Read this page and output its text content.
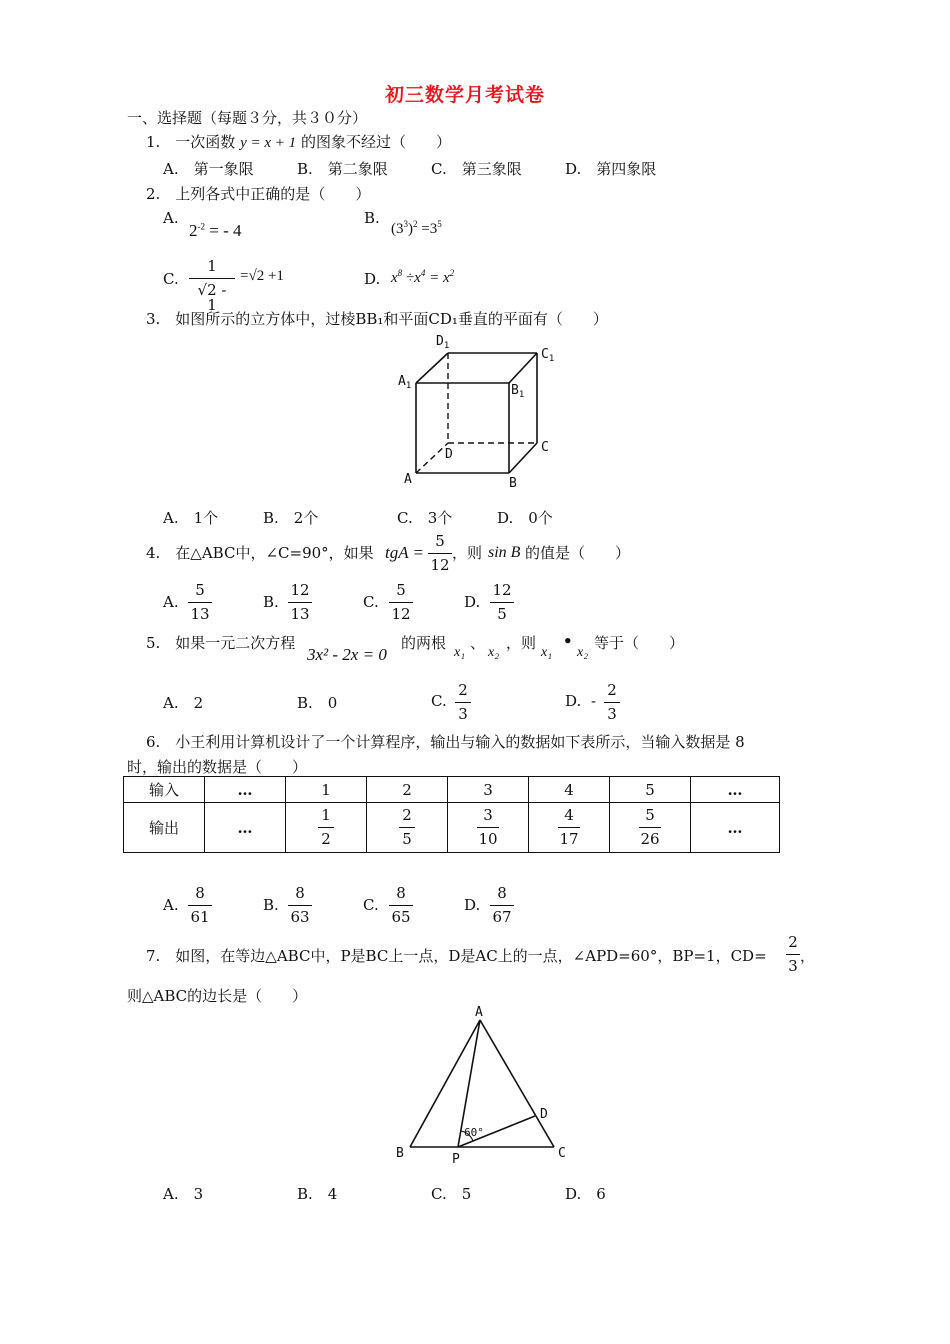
初三数学月考试卷
一、选择题（每题３分，共３０分）
1.　一次函数 y = x + 1 的图象不经过（　　）
A.　第一象限	B.　第二象限	C.　第三象限	D.　第四象限
2.　上列各式中正确的是（　　）
A.
$2^{-2}$ = - 4
B.
$(3^3)^2 =3^5$
C.
1
√2 - 1
=√2 +1	D. $x^8 \div x^4 = x^2$
3.　如图所示的立方体中，过棱BB₁和平面CD₁垂直的平面有（　　）
$D_1$
$C_1$
$A_1$	$B_1$
C
D
A	B
A.　1个	B.　2个	C.　3个	D.　0个
4.　在△ABC中，∠C=90°，如果 tgA =
5
12
，则 sin B 的值是（　　）
A.
5
13
B.
12
13
C.
5
12
D.
12
5
5.　如果一元二次方程
3x² - 2x = 0
的两根
x₁
、
x₂
，则
x₁
•
x₂
等于（　　）
A.　2	B.　0	C.
2
3
D. -
2
3
6.　小王利用计算机设计了一个计算程序，输出与输入的数据如下表所示，当输入数据是 8
时，输出的数据是（　　）
输入	…	1	2	3	4	5	…
输出	…	$\frac{1}{2}$	$\frac{2}{5}$	$\frac{3}{10}$	$\frac{4}{17}$	$\frac{5}{26}$	…
A.
8
61
B.
8
63
C.
8
65
D.
8
67
7.　如图，在等边△ABC中，P是BC上一点，D是AC上的一点，∠APD=60°，BP=1，CD=
2
3
，
则△ABC的边长是（　　）
A
B	C
D
P
60°
A.　3	B.　4	C.　5	D.　6
